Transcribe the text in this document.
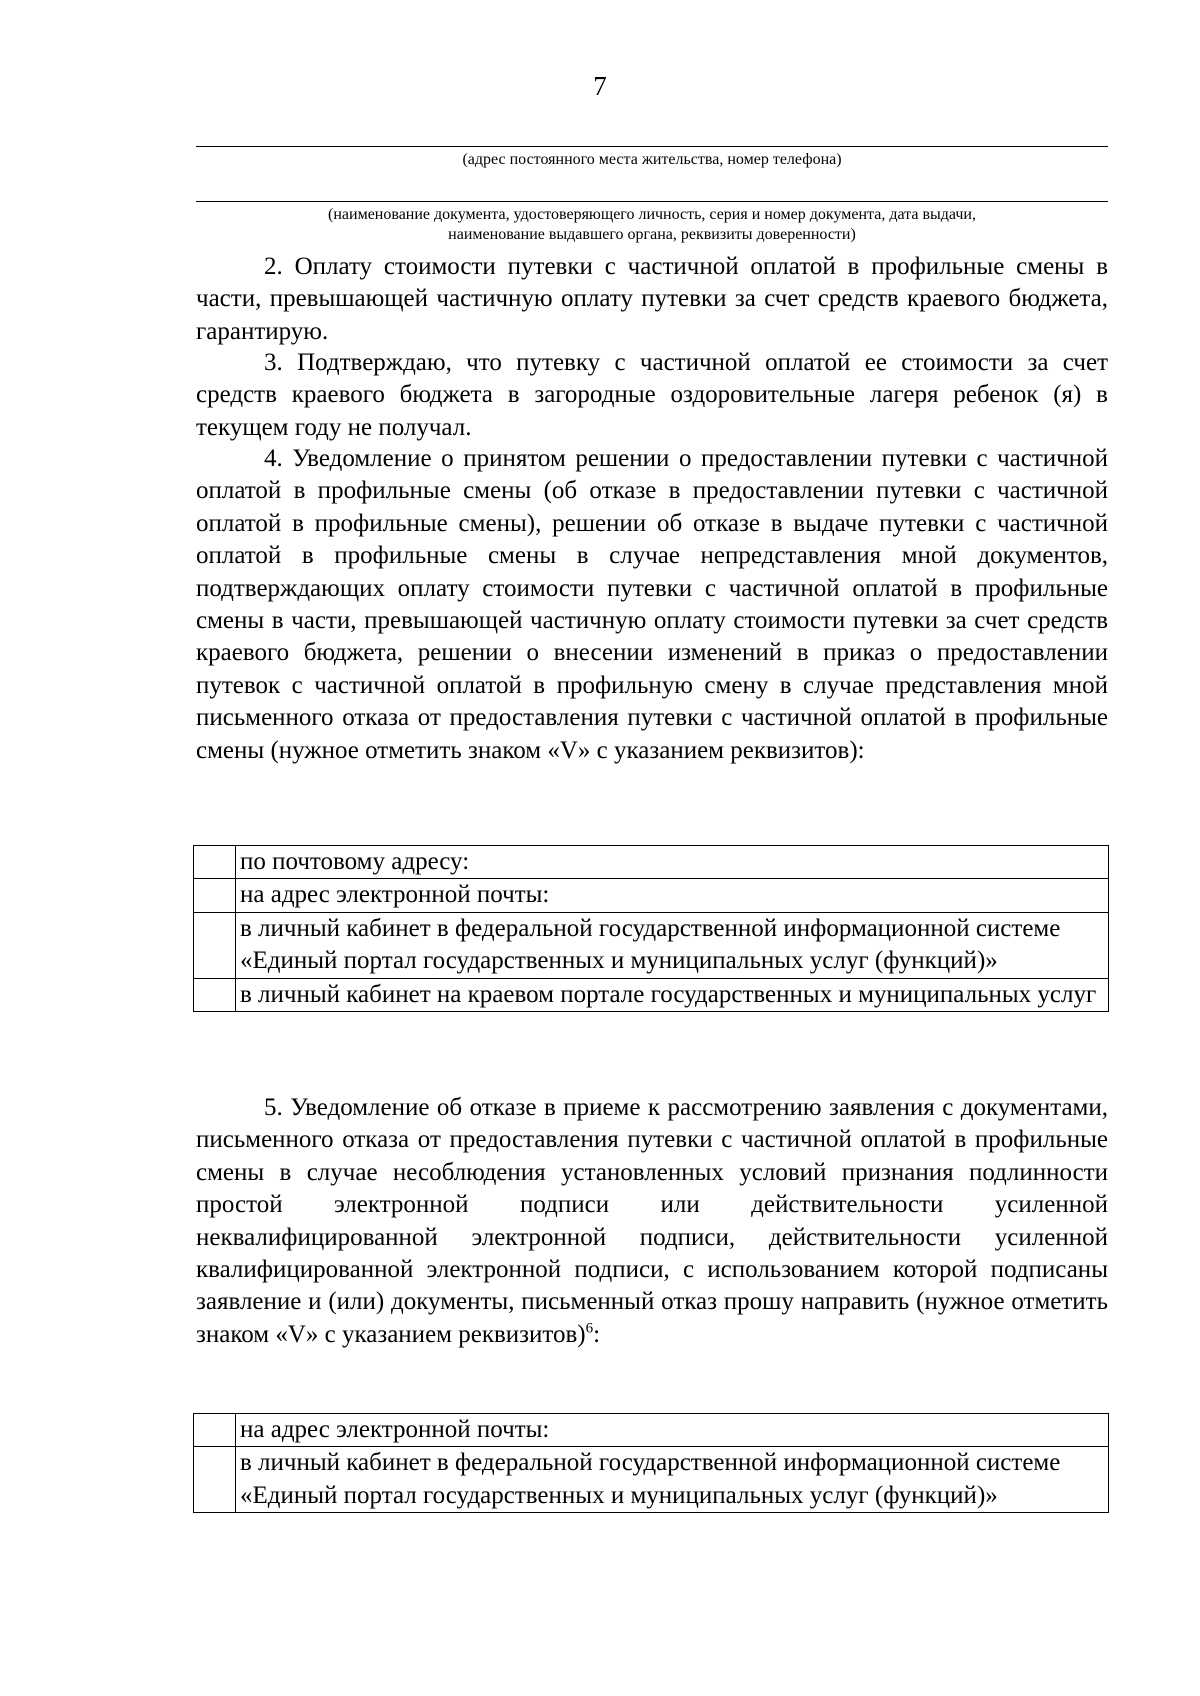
7
(адрес постоянного места жительства, номер телефона)
(наименование документа, удостоверяющего личность, серия и номер документа, дата выдачи,
наименование выдавшего органа, реквизиты доверенности)

2. Оплату стоимости путевки с частичной оплатой в профильные смены в части, превышающей частичную оплату путевки за счет средств краевого бюджета, гарантирую.

3. Подтверждаю, что путевку с частичной оплатой ее стоимости за счет средств краевого бюджета в загородные оздоровительные лагеря ребенок (я) в текущем году не получал.

4. Уведомление о принятом решении о предоставлении путевки с частичной оплатой в профильные смены (об отказе в предоставлении путевки с частичной оплатой в профильные смены), решении об отказе в выдаче путевки с частичной оплатой в профильные смены в случае непредставления мной документов, подтверждающих оплату стоимости путевки с частичной оплатой в профильные смены в части, превышающей частичную оплату стоимости путевки за счет средств краевого бюджета, решении о внесении изменений в приказ о предоставлении путевок с частичной оплатой в профильную смену в случае представления мной письменного отказа от предоставления путевки с частичной оплатой в профильные смены (нужное отметить знаком «V» с указанием реквизитов):

	по почтовому адресу:
	на адрес электронной почты:
	в личный кабинет в федеральной государственной информационной системе «Единый портал государственных и муниципальных услуг (функций)»
	в личный кабинет на краевом портале государственных и муниципальных услуг

5. Уведомление об отказе в приеме к рассмотрению заявления с документами, письменного отказа от предоставления путевки с частичной оплатой в профильные смены в случае несоблюдения установленных условий признания подлинности простой электронной подписи или действительности усиленной неквалифицированной электронной подписи, действительности усиленной квалифицированной электронной подписи, с использованием которой подписаны заявление и (или) документы, письменный отказ прошу направить (нужное отметить знаком «V» с указанием реквизитов)$^6$:

	на адрес электронной почты:
	в личный кабинет в федеральной государственной информационной системе «Единый портал государственных и муниципальных услуг (функций)»
